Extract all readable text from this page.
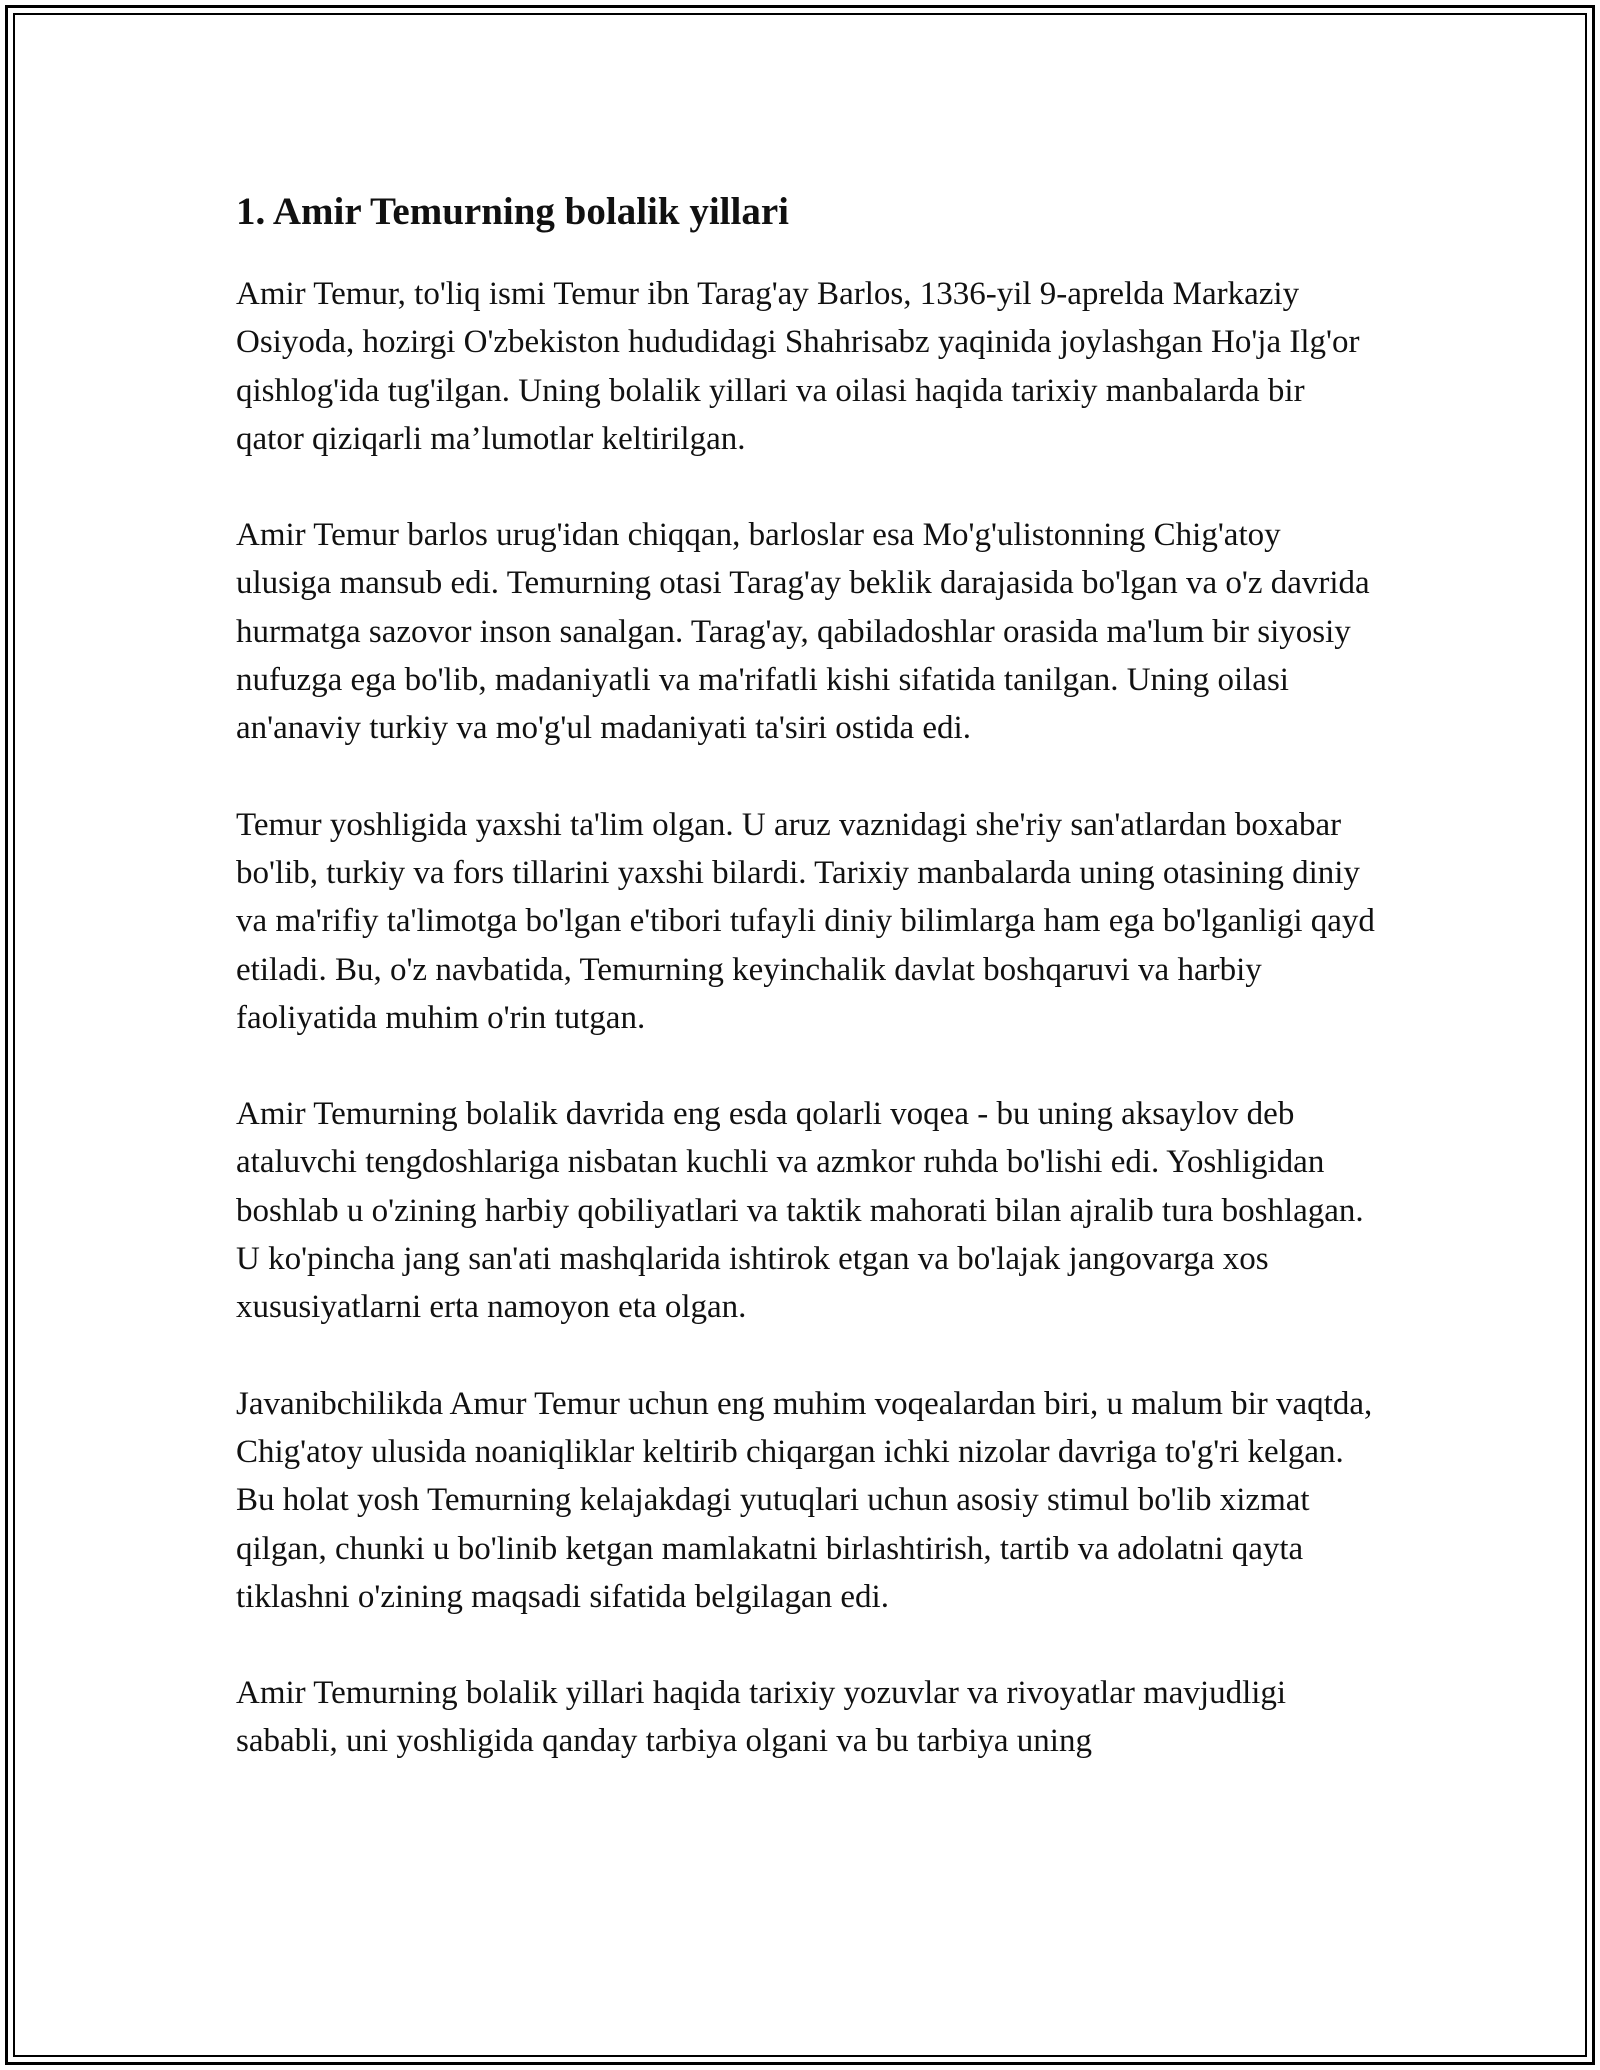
1. Amir Temurning bolalik yillari

Amir Temur, to'liq ismi Temur ibn Tarag'ay Barlos, 1336-yil 9-aprelda Markaziy Osiyoda, hozirgi O'zbekiston hududidagi Shahrisabz yaqinida joylashgan Ho'ja Ilg'or qishlog'ida tug'ilgan. Uning bolalik yillari va oilasi haqida tarixiy manbalarda bir qator qiziqarli ma’lumotlar keltirilgan.

Amir Temur barlos urug'idan chiqqan, barloslar esa Mo'g'ulistonning Chig'atoy ulusiga mansub edi. Temurning otasi Tarag'ay beklik darajasida bo'lgan va o'z davrida hurmatga sazovor inson sanalgan. Tarag'ay, qabiladoshlar orasida ma'lum bir siyosiy nufuzga ega bo'lib, madaniyatli va ma'rifatli kishi sifatida tanilgan. Uning oilasi an'anaviy turkiy va mo'g'ul madaniyati ta'siri ostida edi.

Temur yoshligida yaxshi ta'lim olgan. U aruz vaznidagi she'riy san'atlardan boxabar bo'lib, turkiy va fors tillarini yaxshi bilardi. Tarixiy manbalarda uning otasining diniy va ma'rifiy ta'limotga bo'lgan e'tibori tufayli diniy bilimlarga ham ega bo'lganligi qayd etiladi. Bu, o'z navbatida, Temurning keyinchalik davlat boshqaruvi va harbiy faoliyatida muhim o'rin tutgan.

Amir Temurning bolalik davrida eng esda qolarli voqea - bu uning aksaylov deb ataluvchi tengdoshlariga nisbatan kuchli va azmkor ruhda bo'lishi edi. Yoshligidan boshlab u o'zining harbiy qobiliyatlari va taktik mahorati bilan ajralib tura boshlagan. U ko'pincha jang san'ati mashqlarida ishtirok etgan va bo'lajak jangovarga xos xususiyatlarni erta namoyon eta olgan.

Javanibchilikda Amur Temur uchun eng muhim voqealardan biri, u malum bir vaqtda, Chig'atoy ulusida noaniqliklar keltirib chiqargan ichki nizolar davriga to'g'ri kelgan. Bu holat yosh Temurning kelajakdagi yutuqlari uchun asosiy stimul bo'lib xizmat qilgan, chunki u bo'linib ketgan mamlakatni birlashtirish, tartib va adolatni qayta tiklashni o'zining maqsadi sifatida belgilagan edi.

Amir Temurning bolalik yillari haqida tarixiy yozuvlar va rivoyatlar mavjudligi sababli, uni yoshligida qanday tarbiya olgani va bu tarbiya uning
